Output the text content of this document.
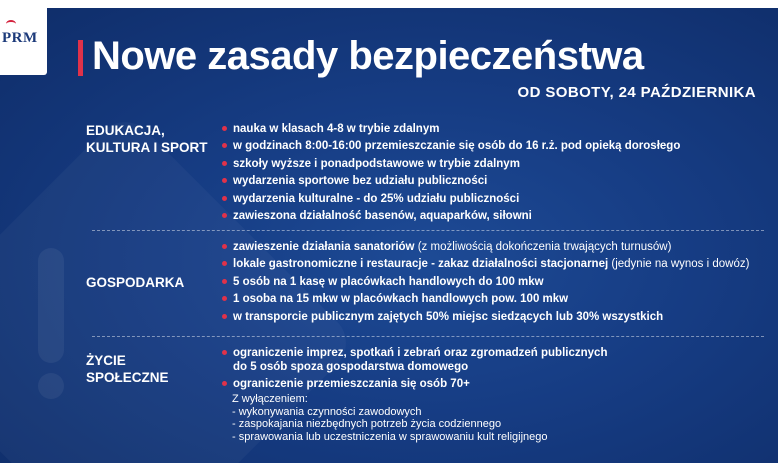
PRM Nowe zasady bezpieczeństwa
OD SOBOTY, 24 PAŹDZIERNIKA
EDUKACJA,
KULTURA I SPORT
nauka w klasach 4-8 w trybie zdalnym
w godzinach 8:00-16:00 przemieszczanie się osób do 16 r.ż. pod opieką dorosłego
szkoły wyższe i ponadpodstawowe w trybie zdalnym
wydarzenia sportowe bez udziału publiczności
wydarzenia kulturalne - do 25% udziału publiczności
zawieszona działalność basenów, aquaparków, siłowni
GOSPODARKA
zawieszenie działania sanatoriów (z możliwością dokończenia trwających turnusów)
lokale gastronomiczne i restauracje - zakaz działalności stacjonarnej (jedynie na wynos i dowóz)
5 osób na 1 kasę w placówkach handlowych do 100 mkw
1 osoba na 15 mkw w placówkach handlowych pow. 100 mkw
w transporcie publicznym zajętych 50% miejsc siedzących lub 30% wszystkich
ŻYCIE
SPOŁECZNE
ograniczenie imprez, spotkań i zebrań oraz zgromadzeń publicznych
do 5 osób spoza gospodarstwa domowego
ograniczenie przemieszczania się osób 70+
Z wyłączeniem:
- wykonywania czynności zawodowych
- zaspokajania niezbędnych potrzeb życia codziennego
- sprawowania lub uczestniczenia w sprawowaniu kult religijnego
